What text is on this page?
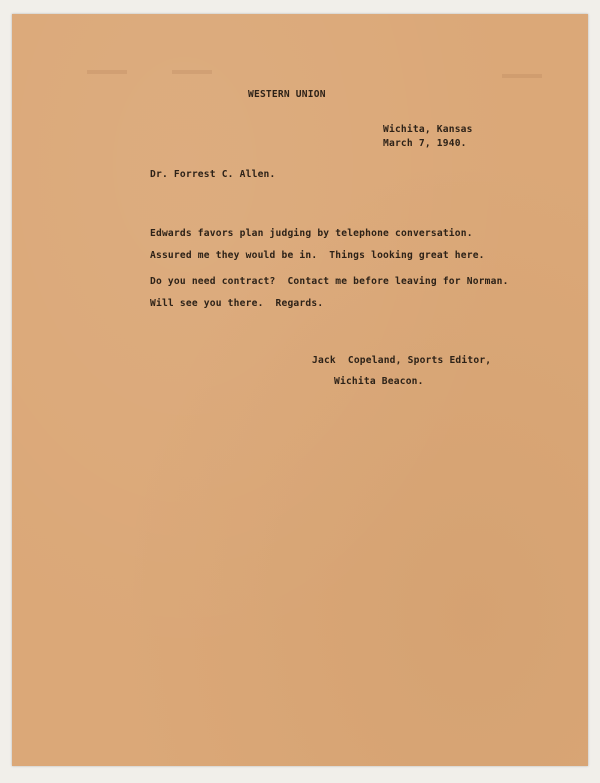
WESTERN UNION
Wichita, Kansas
March 7, 1940.
Dr. Forrest C. Allen.
Edwards favors plan judging by telephone conversation.
Assured me they would be in.  Things looking great here.
Do you need contract?  Contact me before leaving for Norman.
Will see you there.  Regards.
Jack  Copeland, Sports Editor,
Wichita Beacon.
